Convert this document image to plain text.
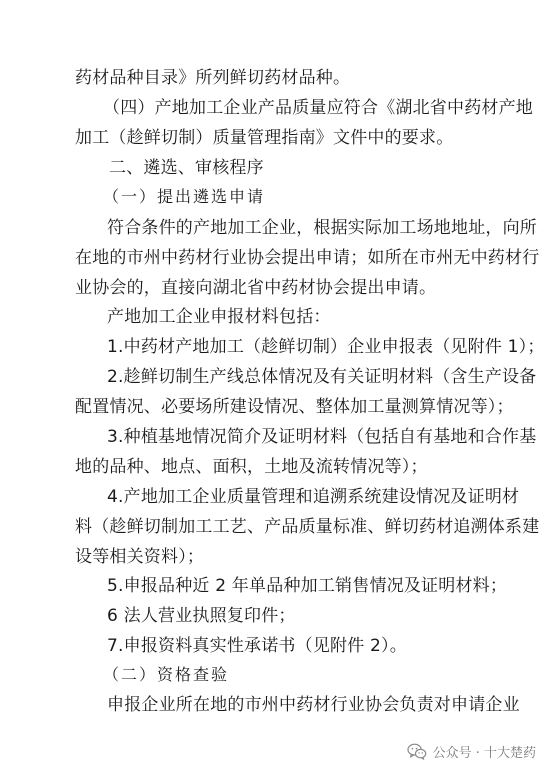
药材品种目录》所列鲜切药材品种。
（四）产地加工企业产品质量应符合《湖北省中药材产地
加工（趁鲜切制）质量管理指南》文件中的要求。
二、遴选、审核程序
（一）提出遴选申请
符合条件的产地加工企业，根据实际加工场地地址，向所
在地的市州中药材行业协会提出申请；如所在市州无中药材行
业协会的，直接向湖北省中药材协会提出申请。
产地加工企业申报材料包括：
1.中药材产地加工（趁鲜切制）企业申报表（见附件 1）；
2.趁鲜切制生产线总体情况及有关证明材料（含生产设备
配置情况、必要场所建设情况、整体加工量测算情况等）；
3.种植基地情况简介及证明材料（包括自有基地和合作基
地的品种、地点、面积，土地及流转情况等）；
4.产地加工企业质量管理和追溯系统建设情况及证明材
料（趁鲜切制加工工艺、产品质量标准、鲜切药材追溯体系建
设等相关资料）；
5.申报品种近 2 年单品种加工销售情况及证明材料；
6 法人营业执照复印件；
7.申报资料真实性承诺书（见附件 2）。
（二）资格查验
申报企业所在地的市州中药材行业协会负责对申请企业
公众号 · 十大楚药
